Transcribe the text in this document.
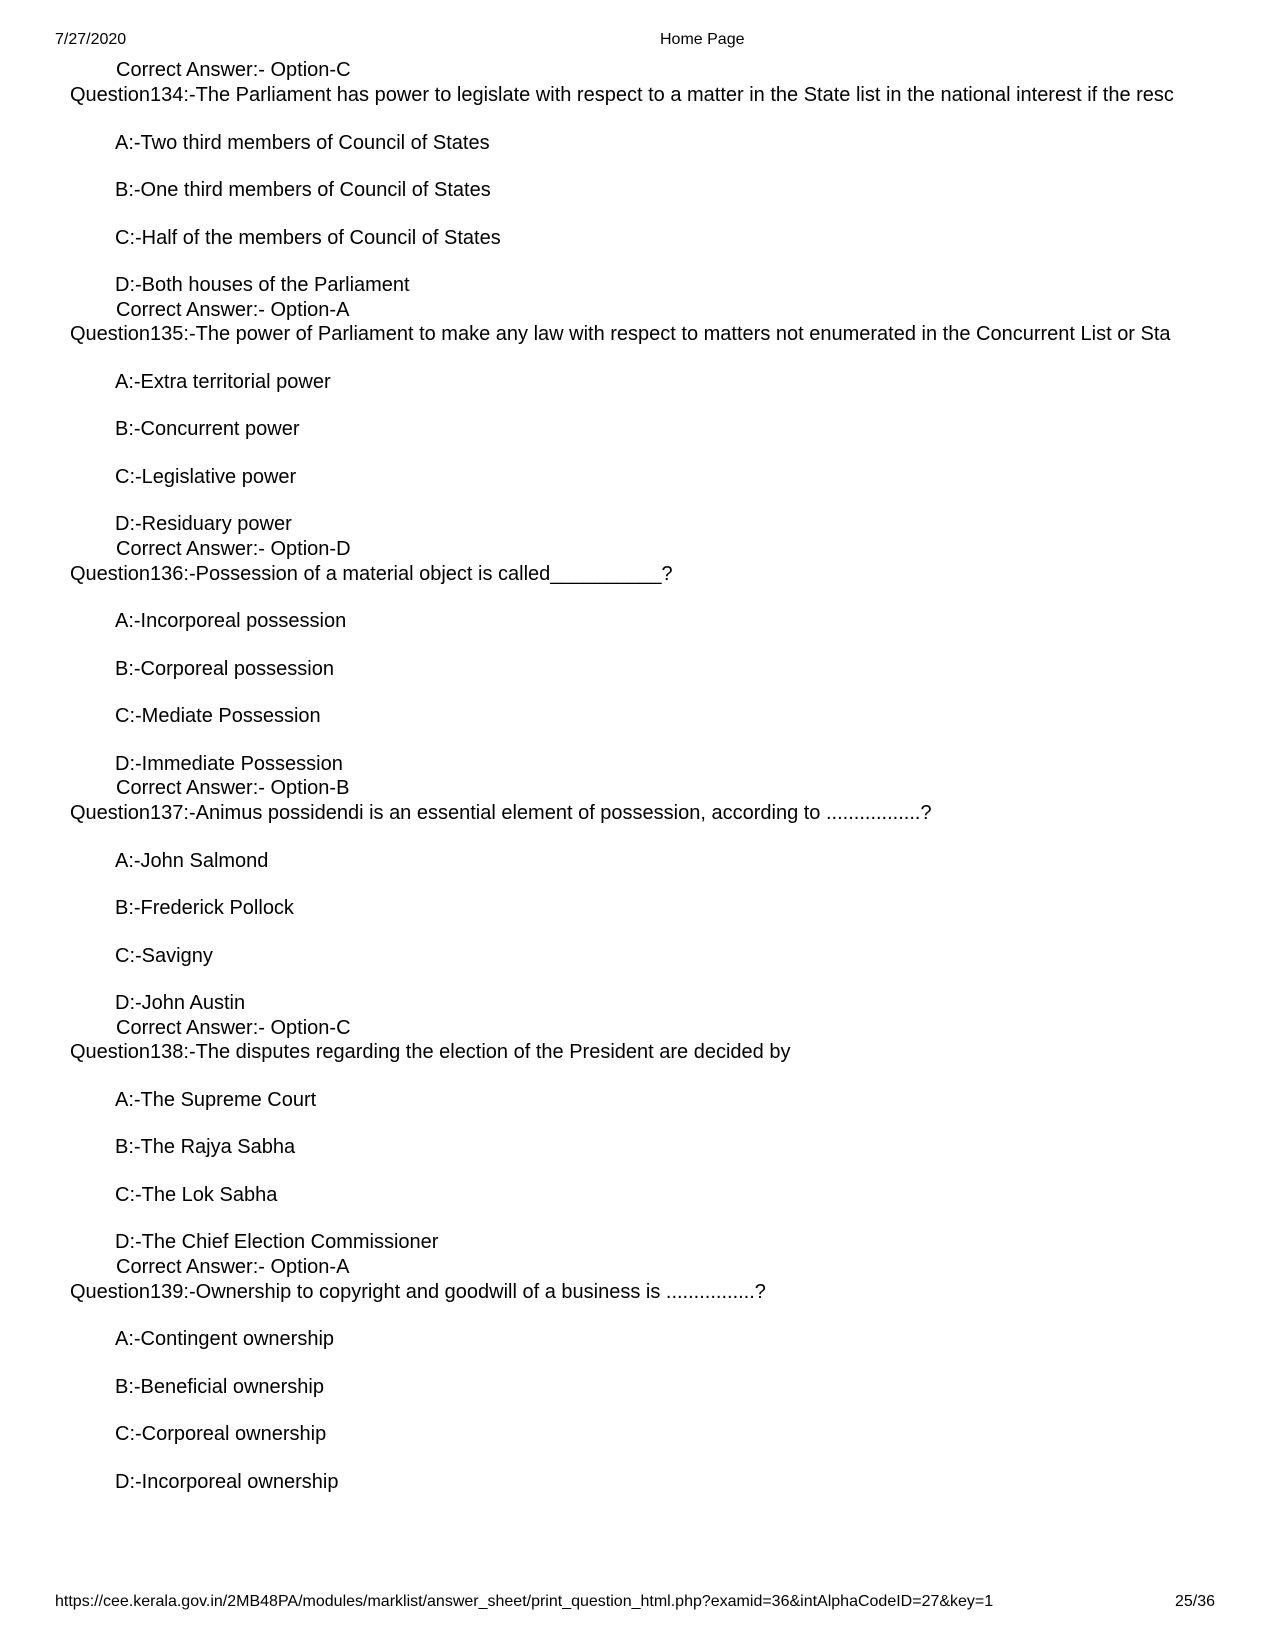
7/27/2020	Home Page
Correct Answer:- Option-C
Question134:-The Parliament has power to legislate with respect to a matter in the State list in the national interest if the resc
A:-Two third members of Council of States
B:-One third members of Council of States
C:-Half of the members of Council of States
D:-Both houses of the Parliament
Correct Answer:- Option-A
Question135:-The power of Parliament to make any law with respect to matters not enumerated in the Concurrent List or Sta
A:-Extra territorial power
B:-Concurrent power
C:-Legislative power
D:-Residuary power
Correct Answer:- Option-D
Question136:-Possession of a material object is called__________?
A:-Incorporeal possession
B:-Corporeal possession
C:-Mediate Possession
D:-Immediate Possession
Correct Answer:- Option-B
Question137:-Animus possidendi is an essential element of possession, according to .................?
A:-John Salmond
B:-Frederick Pollock
C:-Savigny
D:-John Austin
Correct Answer:- Option-C
Question138:-The disputes regarding the election of the President are decided by
A:-The Supreme Court
B:-The Rajya Sabha
C:-The Lok Sabha
D:-The Chief Election Commissioner
Correct Answer:- Option-A
Question139:-Ownership to copyright and goodwill of a business is ................?
A:-Contingent ownership
B:-Beneficial ownership
C:-Corporeal ownership
D:-Incorporeal ownership
https://cee.kerala.gov.in/2MB48PA/modules/marklist/answer_sheet/print_question_html.php?examid=36&intAlphaCodeID=27&key=1	25/36
